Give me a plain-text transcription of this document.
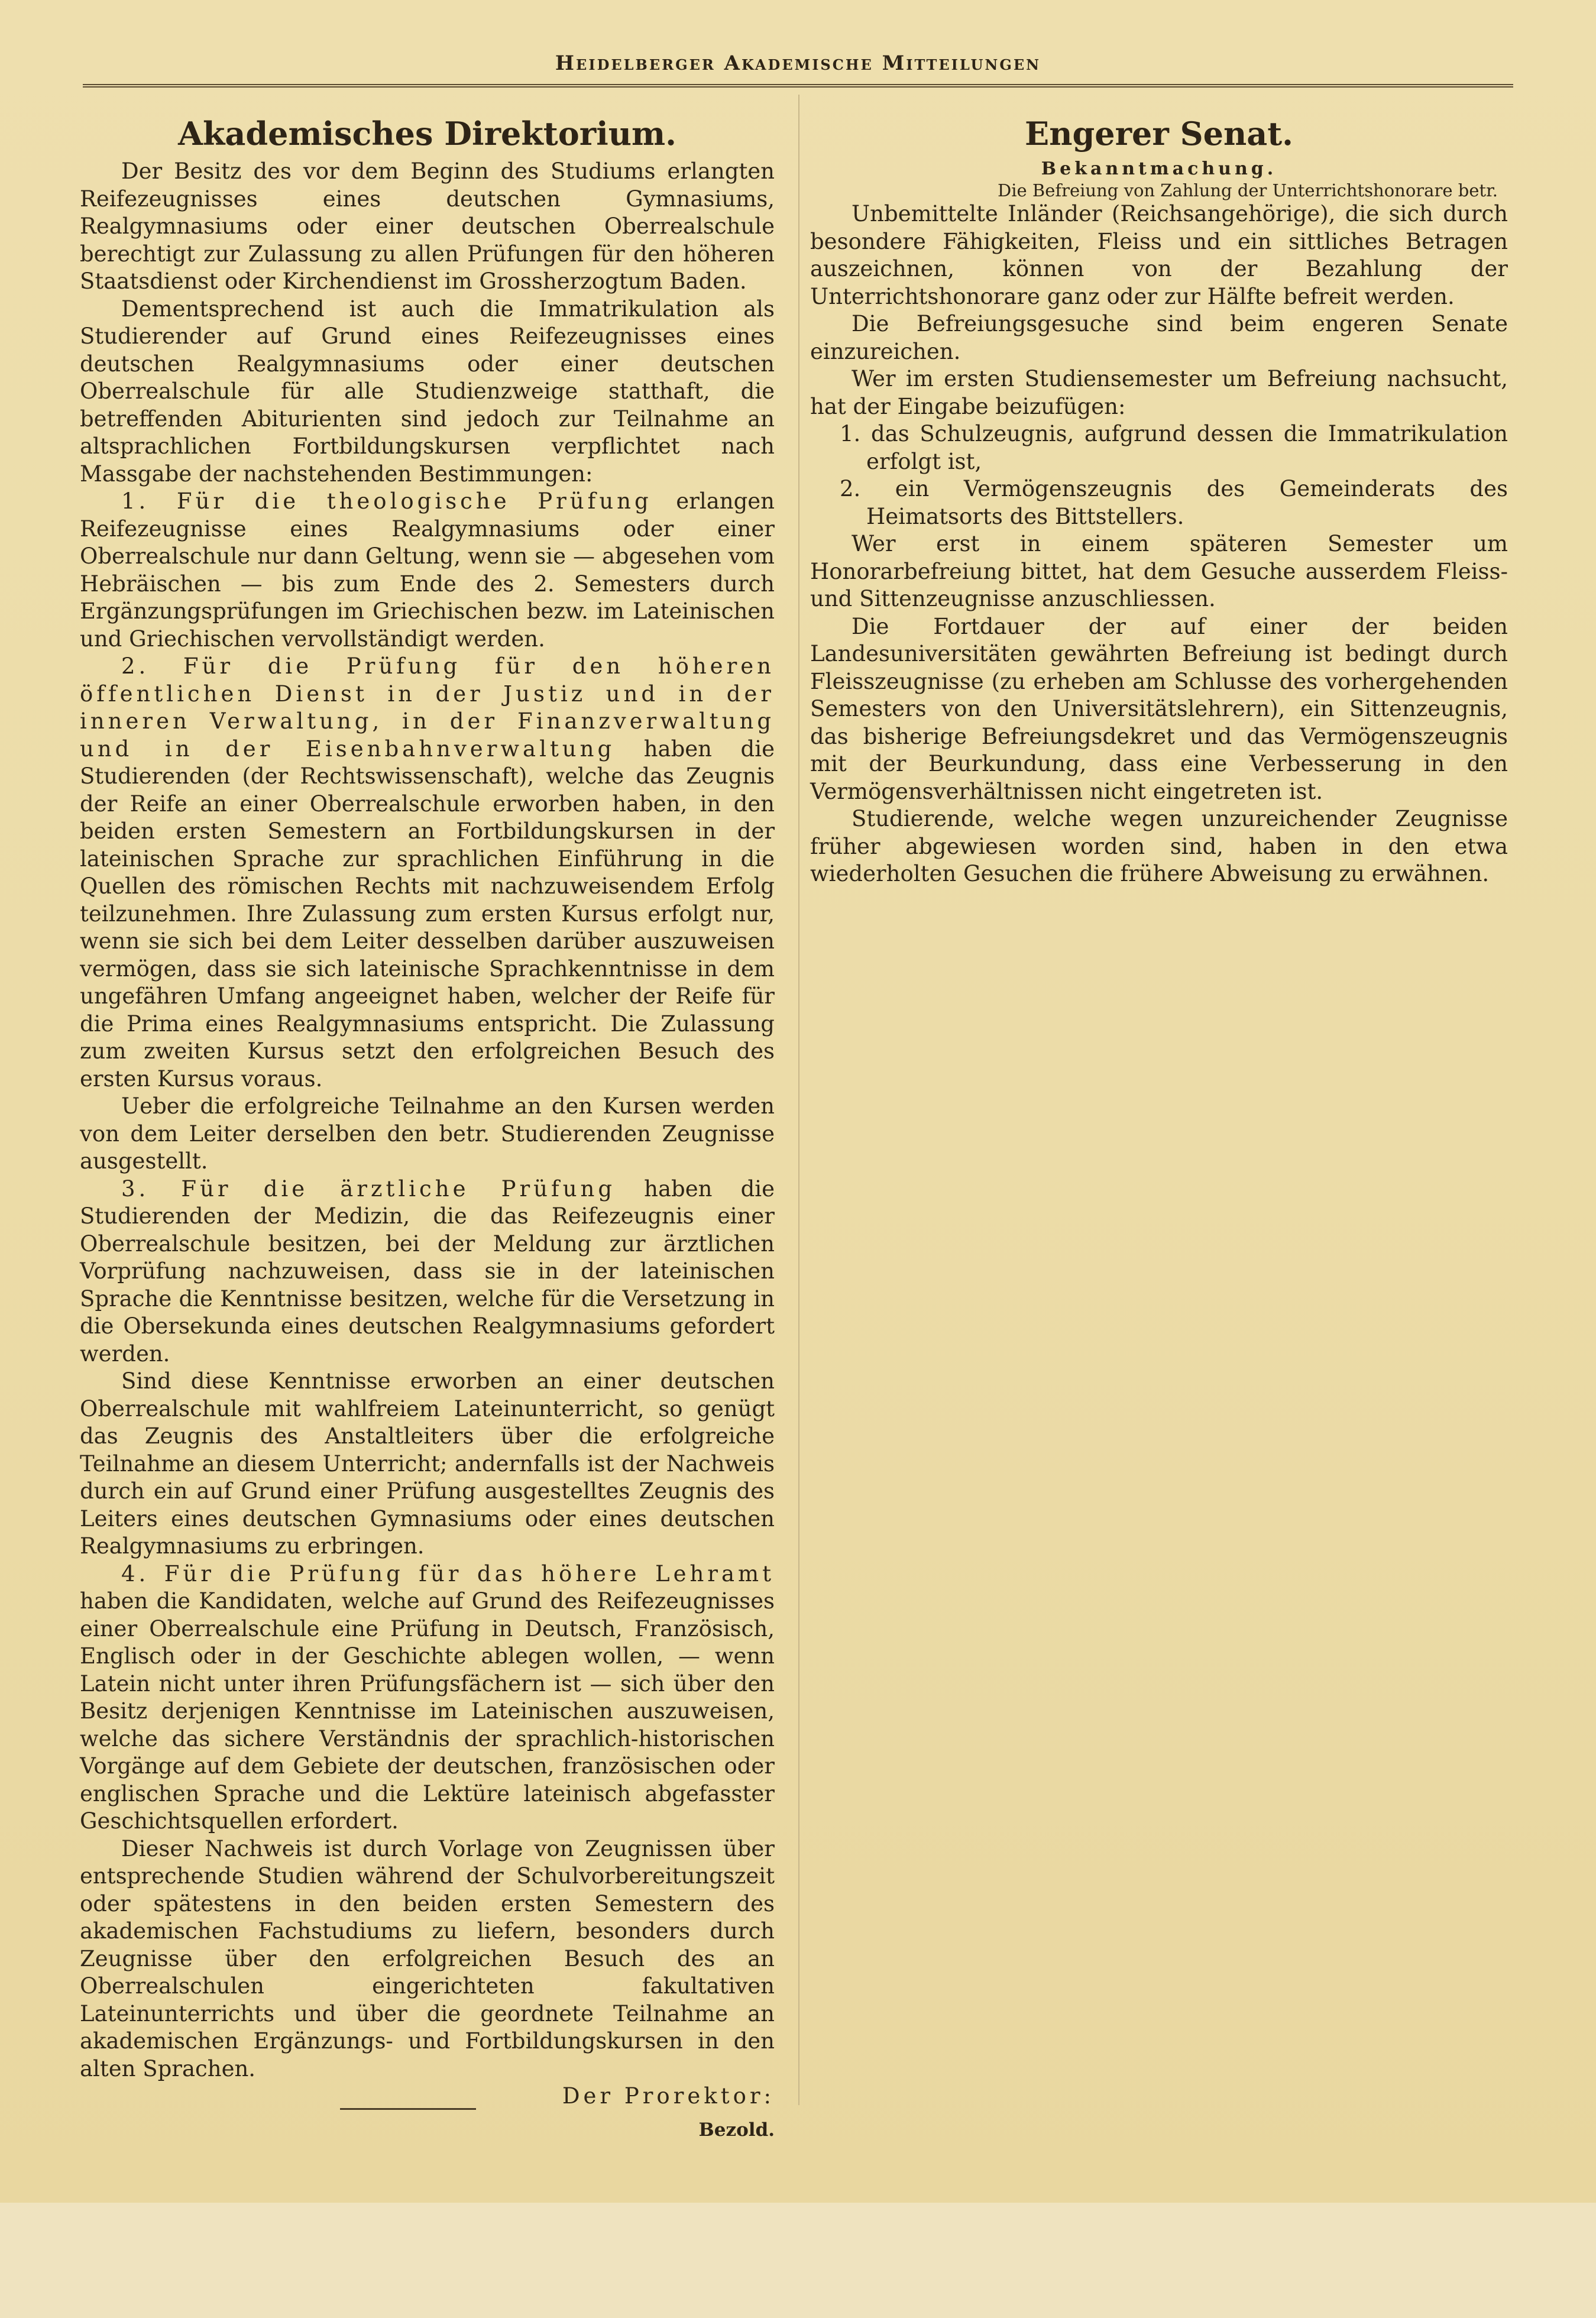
Heidelberger Akademische Mitteilungen
Akademisches Direktorium.

Der Besitz des vor dem Beginn des Studiums erlangten Reifezeugnisses eines deutschen Gymnasiums, Realgymnasiums oder einer deutschen Oberrealschule berechtigt zur Zulassung zu allen Prüfungen für den höheren Staatsdienst oder Kirchendienst im Grossherzogtum Baden.

Dementsprechend ist auch die Immatrikulation als Studierender auf Grund eines Reifezeugnisses eines deutschen Realgymnasiums oder einer deutschen Oberrealschule für alle Studienzweige statthaft, die betreffenden Abiturienten sind jedoch zur Teilnahme an altsprachlichen Fortbildungskursen verpflichtet nach Massgabe der nachstehenden Bestimmungen:

1. Für die theologische Prüfung erlangen Reifezeugnisse eines Realgymnasiums oder einer Oberrealschule nur dann Geltung, wenn sie — abgesehen vom Hebräischen — bis zum Ende des 2. Semesters durch Ergänzungsprüfungen im Griechischen bezw. im Lateinischen und Griechischen vervollständigt werden.

2. Für die Prüfung für den höheren öffentlichen Dienst in der Justiz und in der inneren Verwaltung, in der Finanzverwaltung und in der Eisenbahnverwaltung haben die Studierenden (der Rechtswissenschaft), welche das Zeugnis der Reife an einer Oberrealschule erworben haben, in den beiden ersten Semestern an Fortbildungskursen in der lateinischen Sprache zur sprachlichen Einführung in die Quellen des römischen Rechts mit nachzuweisendem Erfolg teilzunehmen. Ihre Zulassung zum ersten Kursus erfolgt nur, wenn sie sich bei dem Leiter desselben darüber auszuweisen vermögen, dass sie sich lateinische Sprachkenntnisse in dem ungefähren Umfang angeeignet haben, welcher der Reife für die Prima eines Realgymnasiums entspricht. Die Zulassung zum zweiten Kursus setzt den erfolgreichen Besuch des ersten Kursus voraus.

Ueber die erfolgreiche Teilnahme an den Kursen werden von dem Leiter derselben den betr. Studierenden Zeugnisse ausgestellt.

3. Für die ärztliche Prüfung haben die Studierenden der Medizin, die das Reifezeugnis einer Oberrealschule besitzen, bei der Meldung zur ärztlichen Vorprüfung nachzuweisen, dass sie in der lateinischen Sprache die Kenntnisse besitzen, welche für die Versetzung in die Obersekunda eines deutschen Realgymnasiums gefordert werden.

Sind diese Kenntnisse erworben an einer deutschen Oberrealschule mit wahlfreiem Lateinunterricht, so genügt das Zeugnis des Anstaltleiters über die erfolgreiche Teilnahme an diesem Unterricht; andernfalls ist der Nachweis durch ein auf Grund einer Prüfung ausgestelltes Zeugnis des Leiters eines deutschen Gymnasiums oder eines deutschen Realgymnasiums zu erbringen.

4. Für die Prüfung für das höhere Lehramt haben die Kandidaten, welche auf Grund des Reifezeugnisses einer Oberrealschule eine Prüfung in Deutsch, Französisch, Englisch oder in der Geschichte ablegen wollen, — wenn Latein nicht unter ihren Prüfungsfächern ist — sich über den Besitz derjenigen Kenntnisse im Lateinischen auszuweisen, welche das sichere Verständnis der sprachlich-historischen Vorgänge auf dem Gebiete der deutschen, französischen oder englischen Sprache und die Lektüre lateinisch abgefasster Geschichtsquellen erfordert.

Dieser Nachweis ist durch Vorlage von Zeugnissen über entsprechende Studien während der Schulvorbereitungszeit oder spätestens in den beiden ersten Semestern des akademischen Fachstudiums zu liefern, besonders durch Zeugnisse über den erfolgreichen Besuch des an Oberrealschulen eingerichteten fakultativen Lateinunterrichts und über die geordnete Teilnahme an akademischen Ergänzungs- und Fortbildungskursen in den alten Sprachen.

Der Prorektor:

Bezold.

Engerer Senat.
Bekanntmachung.
Die Befreiung von Zahlung der Unterrichtshonorare betr.

Unbemittelte Inländer (Reichsangehörige), die sich durch besondere Fähigkeiten, Fleiss und ein sittliches Betragen auszeichnen, können von der Bezahlung der Unterrichtshonorare ganz oder zur Hälfte befreit werden.

Die Befreiungsgesuche sind beim engeren Senate einzureichen.

Wer im ersten Studiensemester um Befreiung nachsucht, hat der Eingabe beizufügen:

1. das Schulzeugnis, aufgrund dessen die Immatrikulation erfolgt ist,

2. ein Vermögenszeugnis des Gemeinderats des Heimatsorts des Bittstellers.

Wer erst in einem späteren Semester um Honorarbefreiung bittet, hat dem Gesuche ausserdem Fleiss- und Sittenzeugnisse anzuschliessen.

Die Fortdauer der auf einer der beiden Landesuniversitäten gewährten Befreiung ist bedingt durch Fleisszeugnisse (zu erheben am Schlusse des vorhergehenden Semesters von den Universitätslehrern), ein Sittenzeugnis, das bisherige Befreiungsdekret und das Vermögenszeugnis mit der Beurkundung, dass eine Verbesserung in den Vermögensverhältnissen nicht eingetreten ist.

Studierende, welche wegen unzureichender Zeugnisse früher abgewiesen worden sind, haben in den etwa wiederholten Gesuchen die frühere Abweisung zu erwähnen.
